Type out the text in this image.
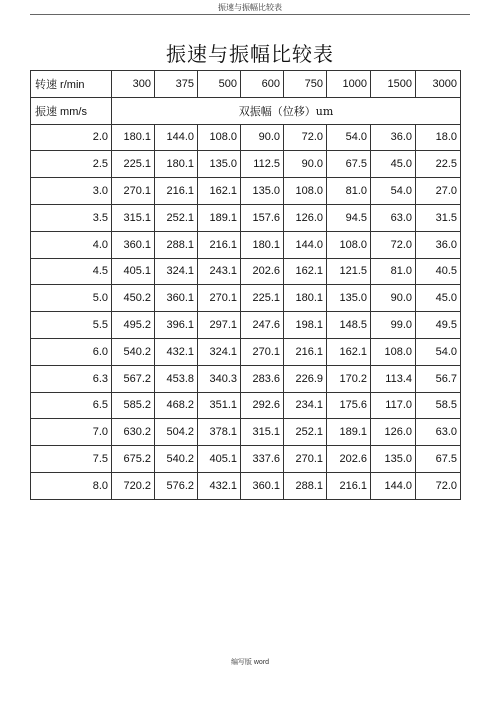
振速与振幅比较表
振速与振幅比较表
转速 r/min	300	375	500	600	750	1000	1500	3000
振速 mm/s	双振幅（位移）um							
2.0	180.1	144.0	108.0	90.0	72.0	54.0	36.0	18.0
2.5	225.1	180.1	135.0	112.5	90.0	67.5	45.0	22.5
3.0	270.1	216.1	162.1	135.0	108.0	81.0	54.0	27.0
3.5	315.1	252.1	189.1	157.6	126.0	94.5	63.0	31.5
4.0	360.1	288.1	216.1	180.1	144.0	108.0	72.0	36.0
4.5	405.1	324.1	243.1	202.6	162.1	121.5	81.0	40.5
5.0	450.2	360.1	270.1	225.1	180.1	135.0	90.0	45.0
5.5	495.2	396.1	297.1	247.6	198.1	148.5	99.0	49.5
6.0	540.2	432.1	324.1	270.1	216.1	162.1	108.0	54.0
6.3	567.2	453.8	340.3	283.6	226.9	170.2	113.4	56.7
6.5	585.2	468.2	351.1	292.6	234.1	175.6	117.0	58.5
7.0	630.2	504.2	378.1	315.1	252.1	189.1	126.0	63.0
7.5	675.2	540.2	405.1	337.6	270.1	202.6	135.0	67.5
8.0	720.2	576.2	432.1	360.1	288.1	216.1	144.0	72.0
编写版 word
